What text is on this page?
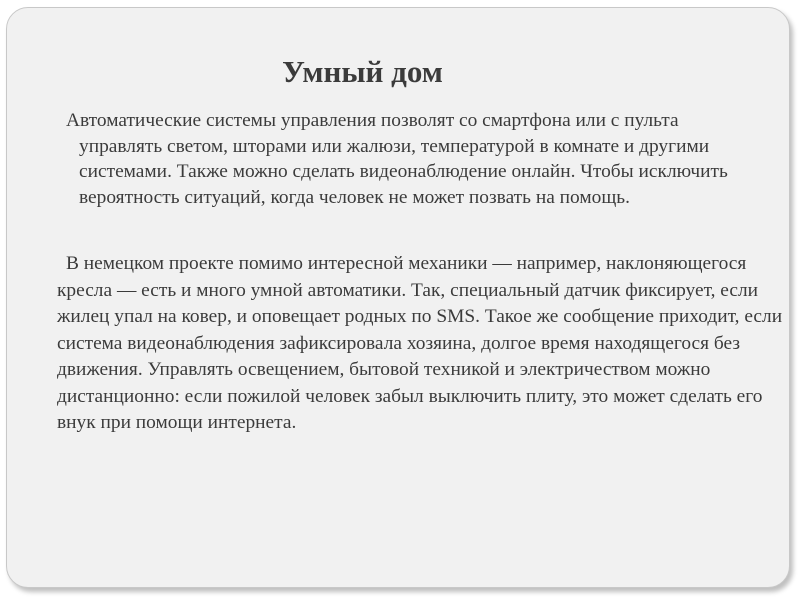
Умный дом

Автоматические системы управления позволят со смартфона или с пульта управлять светом, шторами или жалюзи, температурой в комнате и другими системами. Также можно сделать видеонаблюдение онлайн. Чтобы исключить вероятность ситуаций, когда человек не может позвать на помощь.

В немецком проекте помимо интересной механики — например, наклоняющегося кресла — есть и много умной автоматики. Так, специальный датчик фиксирует, если жилец упал на ковер, и оповещает родных по SMS. Такое же сообщение приходит, если система видеонаблюдения зафиксировала хозяина, долгое время находящегося без движения. Управлять освещением, бытовой техникой и электричеством можно дистанционно: если пожилой человек забыл выключить плиту, это может сделать его внук при помощи интернета.
